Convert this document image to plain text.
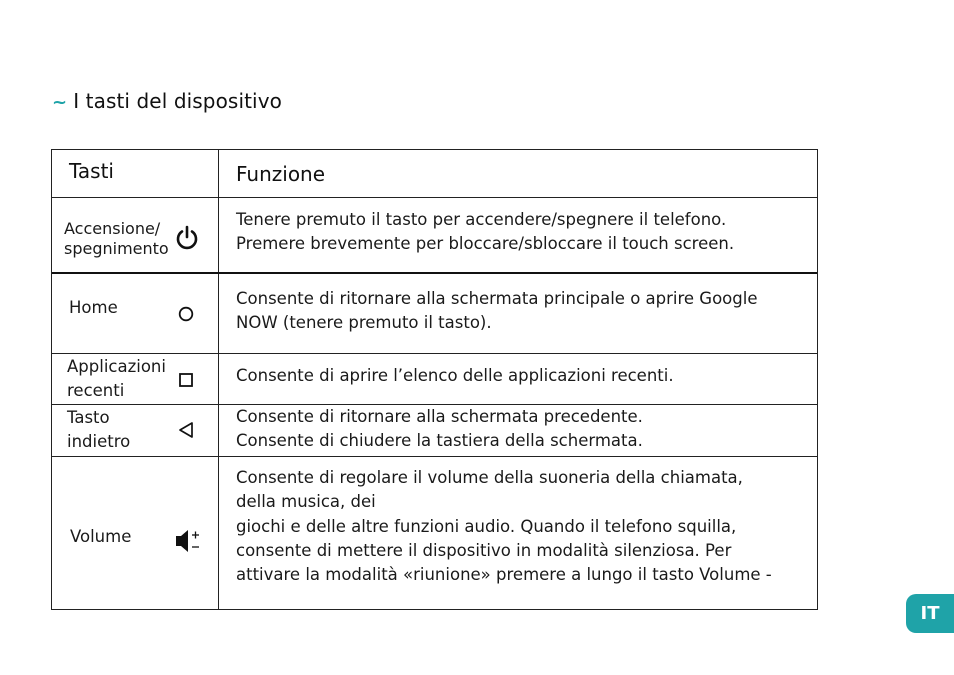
~ I tasti del dispositivo
Tasti	Funzione
Accensione/
spegnimento
Tenere premuto il tasto per accendere/spegnere il telefono.
Premere brevemente per bloccare/sbloccare il touch screen.
Home	Consente di ritornare alla schermata principale o aprire Google
NOW (tenere premuto il tasto).
Applicazioni
recenti
Consente di aprire l’elenco delle applicazioni recenti.
Tasto
indietro
Consente di ritornare alla schermata precedente.
Consente di chiudere la tastiera della schermata.
Volume
Consente di regolare il volume della suoneria della chiamata,
della musica, dei
giochi e delle altre funzioni audio. Quando il telefono squilla,
consente di mettere il dispositivo in modalità silenziosa. Per
attivare la modalità «riunione» premere a lungo il tasto Volume -
IT
